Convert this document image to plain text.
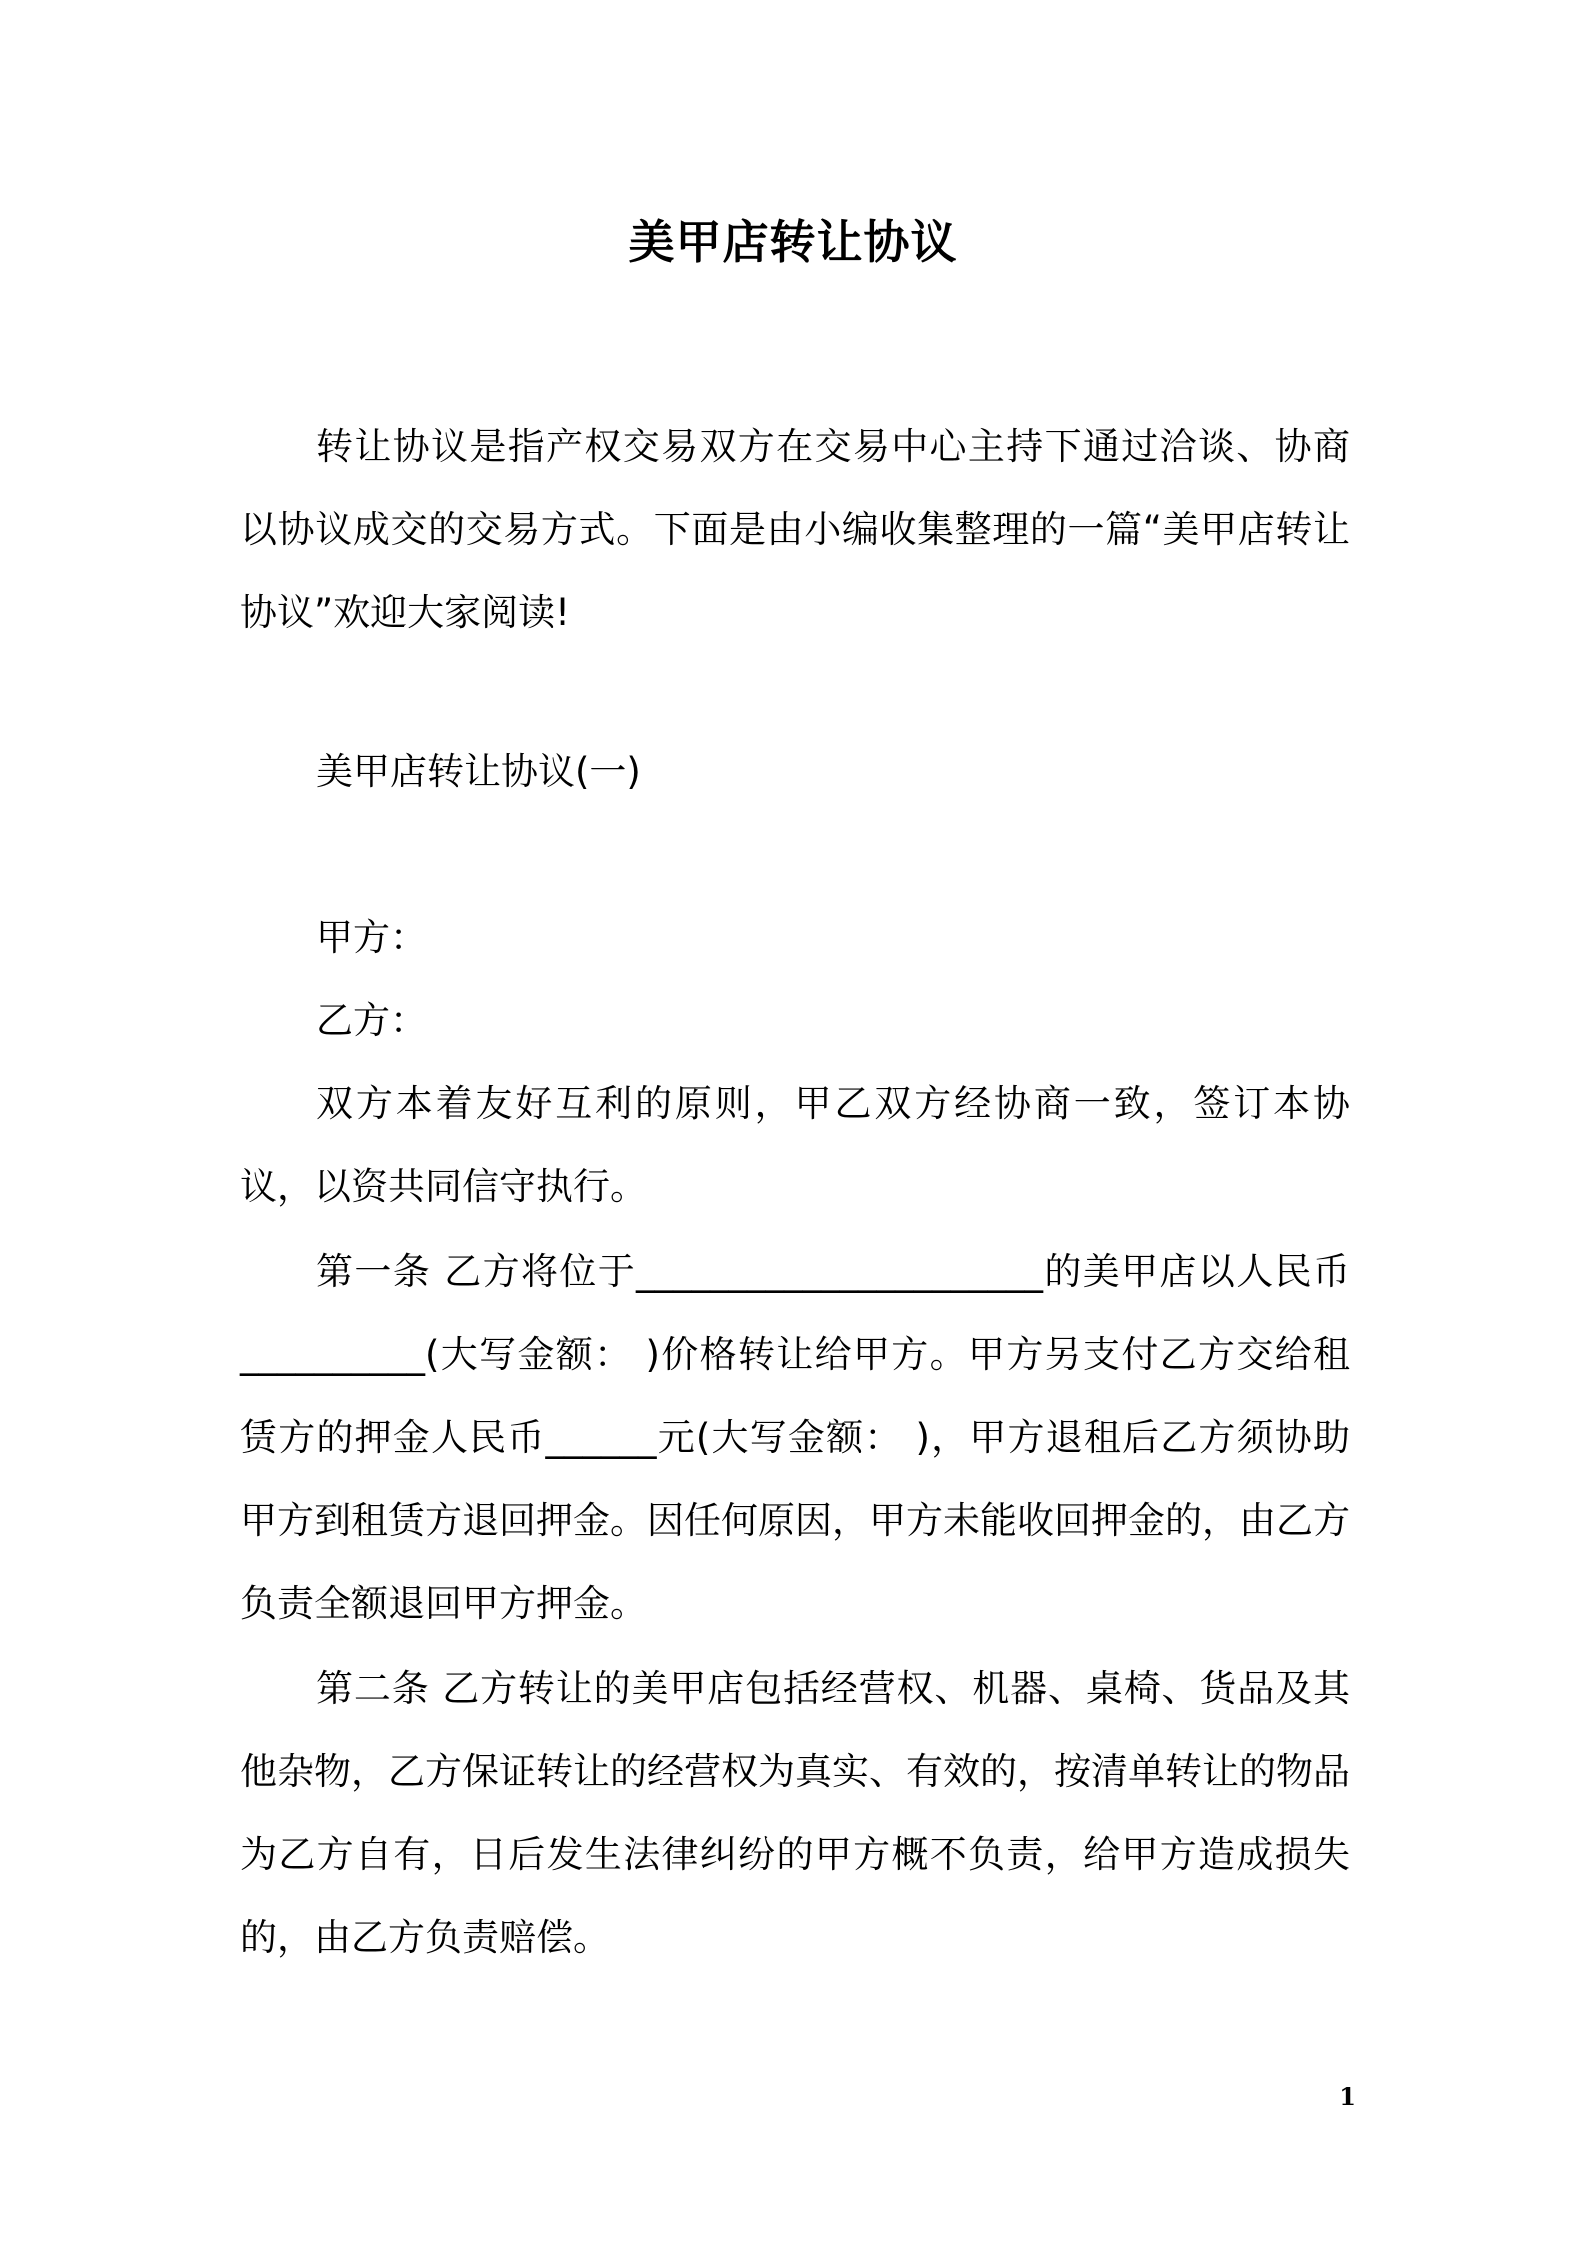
美甲店转让协议

转让协议是指产权交易双方在交易中心主持下通过洽谈、协商以协议成交的交易方式。下面是由小编收集整理的一篇“美甲店转让协议”欢迎大家阅读!

美甲店转让协议(一)
甲方：
乙方：

双方本着友好互利的原则，甲乙双方经协商一致，签订本协议，以资共同信守执行。

第一条 乙方将位于______________________的美甲店以人民币__________(大写金额： )价格转让给甲方。甲方另支付乙方交给租赁方的押金人民币______元(大写金额： )，甲方退租后乙方须协助甲方到租赁方退回押金。因任何原因，甲方未能收回押金的，由乙方负责全额退回甲方押金。

第二条 乙方转让的美甲店包括经营权、机器、桌椅、货品及其他杂物，乙方保证转让的经营权为真实、有效的，按清单转让的物品为乙方自有，日后发生法律纠纷的甲方概不负责，给甲方造成损失的，由乙方负责赔偿。

1
